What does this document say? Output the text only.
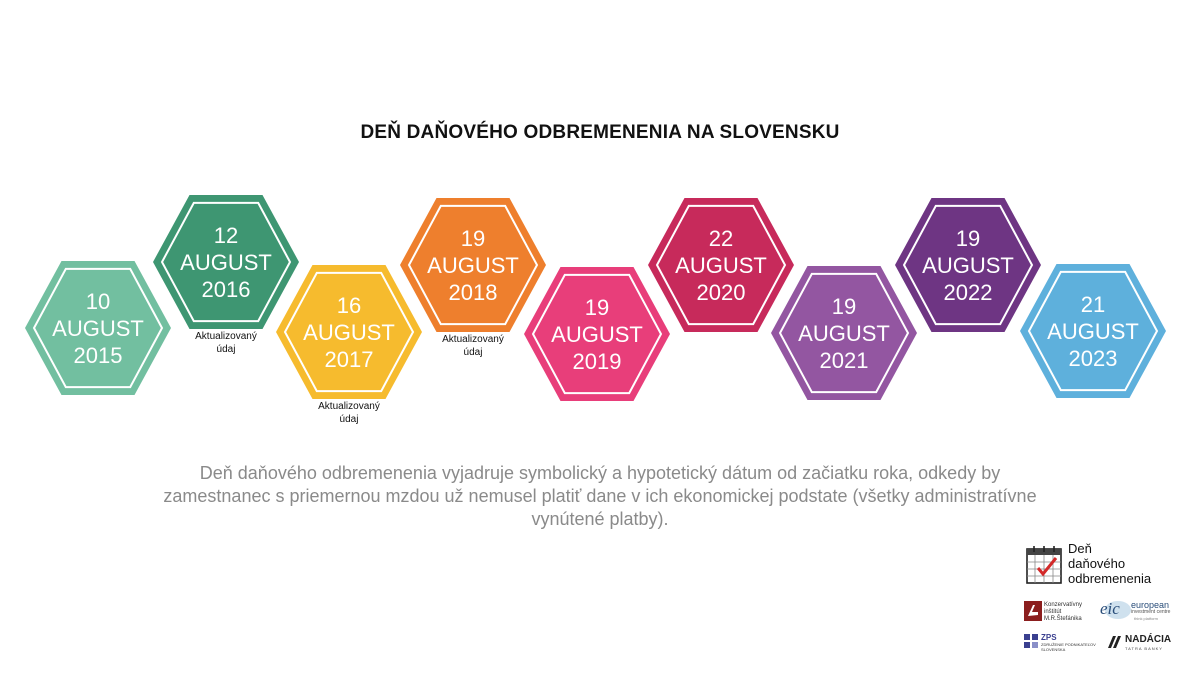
DEŇ DAŇOVÉHO ODBREMENENIA NA SLOVENSKU
10
AUGUST
2015
12
AUGUST
2016
16
AUGUST
2017
19
AUGUST
2018
19
AUGUST
2019
22
AUGUST
2020
19
AUGUST
2021
19
AUGUST
2022	21
AUGUST
2023
Aktualizovaný údaj
Aktualizovaný údaj
Aktualizovaný údaj
Deň daňového odbremenenia vyjadruje symbolický a hypotetický dátum od začiatku roka, odkedy by zamestnanec s priemernou mzdou už nemusel platiť dane v ich ekonomickej podstate (všetky administratívne vynútené platby).
Deň
daňového
odbremenenia
Konzervatívny
inštitút
M.R.Štefánika
eic european
investment centre
think platform
ZPS
ZDRUŽENIE PODNIKATEĽOV
SLOVENSKA
NADÁCIA
TATRA BANKY
